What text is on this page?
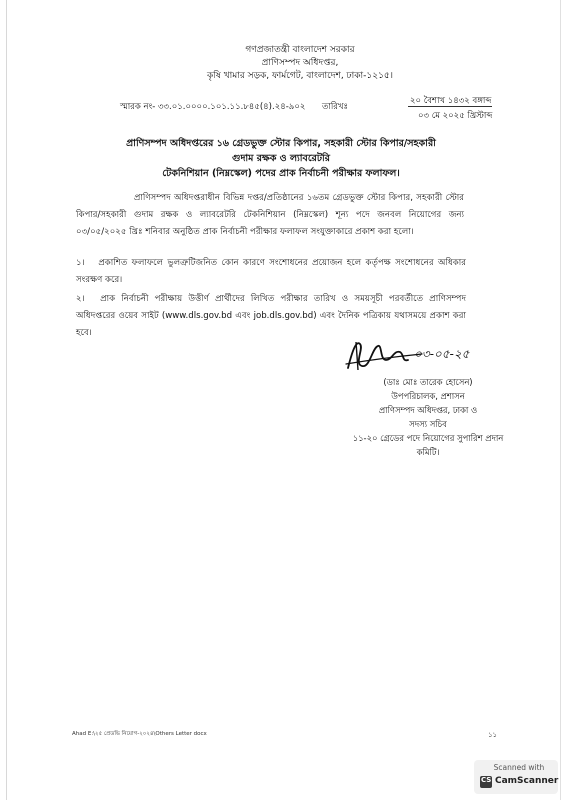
গণপ্রজাতন্ত্রী বাংলাদেশ সরকার
প্রাণিসম্পদ অধিদপ্তর,
কৃষি খামার সড়ক, ফার্মগেট, বাংলাদেশ, ঢাকা-১২১৫।
স্মারক নং- ৩৩.০১.০০০০.১০১.১১.৮৪৫(৪).২৪-৯০২ তারিখঃ
২০ বৈশাখ ১৪৩২ বঙ্গাব্দ
০৩ মে ২০২৫ খ্রিস্টাব্দ
প্রাণিসম্পদ অধিদপ্তরের ১৬ গ্রেডভুক্ত স্টোর কিপার, সহকারী স্টোর কিপার/সহকারী গুদাম রক্ষক ও ল্যাবরেটরি
টেকনিশিয়ান (নিম্নস্কেল) পদের প্রাক নির্বাচনী পরীক্ষার ফলাফল।
প্রাণিসম্পদ অধিদপ্তরাধীন বিভিন্ন দপ্তর/প্রতিষ্ঠানের ১৬তম গ্রেডভুক্ত স্টোর কিপার, সহকারী স্টোর কিপার/সহকারী গুদাম রক্ষক ও ল্যাবরেটরি টেকনিশিয়ান (নিম্নস্কেল) শূন্য পদে জনবল নিয়োগের জন্য ০৩/০৫/২০২৫ খ্রিঃ শনিবার অনুষ্ঠিত প্রাক নির্বাচনী পরীক্ষার ফলাফল সংযুক্তাকারে প্রকাশ করা হলো।
১। প্রকাশিত ফলাফলে ভুলত্রুটিজনিত কোন কারণে সংশোধনের প্রয়োজন হলে কর্তৃপক্ষ সংশোধনের অধিকার সংরক্ষণ করে।
২। প্রাক নির্বাচনী পরীক্ষায় উত্তীর্ণ প্রার্থীদের লিখিত পরীক্ষার তারিখ ও সময়সূচী পরবর্তীতে প্রাণিসম্পদ অধিদপ্তরের ওয়েব সাইট (www.dls.gov.bd এবং job.dls.gov.bd) এবং দৈনিক পত্রিকায় যথাসময়ে প্রকাশ করা হবে।
০৩-০৫-২৫
(ডাঃ মোঃ তারেক হোসেন)
উপপরিচালক, প্রশাসন
প্রাণিসম্পদ অধিদপ্তর, ঢাকা ও
সদস্য সচিব
১১-২০ গ্রেডের পদে নিয়োগের সুপারিশ প্রদান
কমিটি।
Ahad E:\২৫ প্রেডভি নিয়োগ-২০২৪\Others Letter docx	১১
Scanned with
CS CamScanner
